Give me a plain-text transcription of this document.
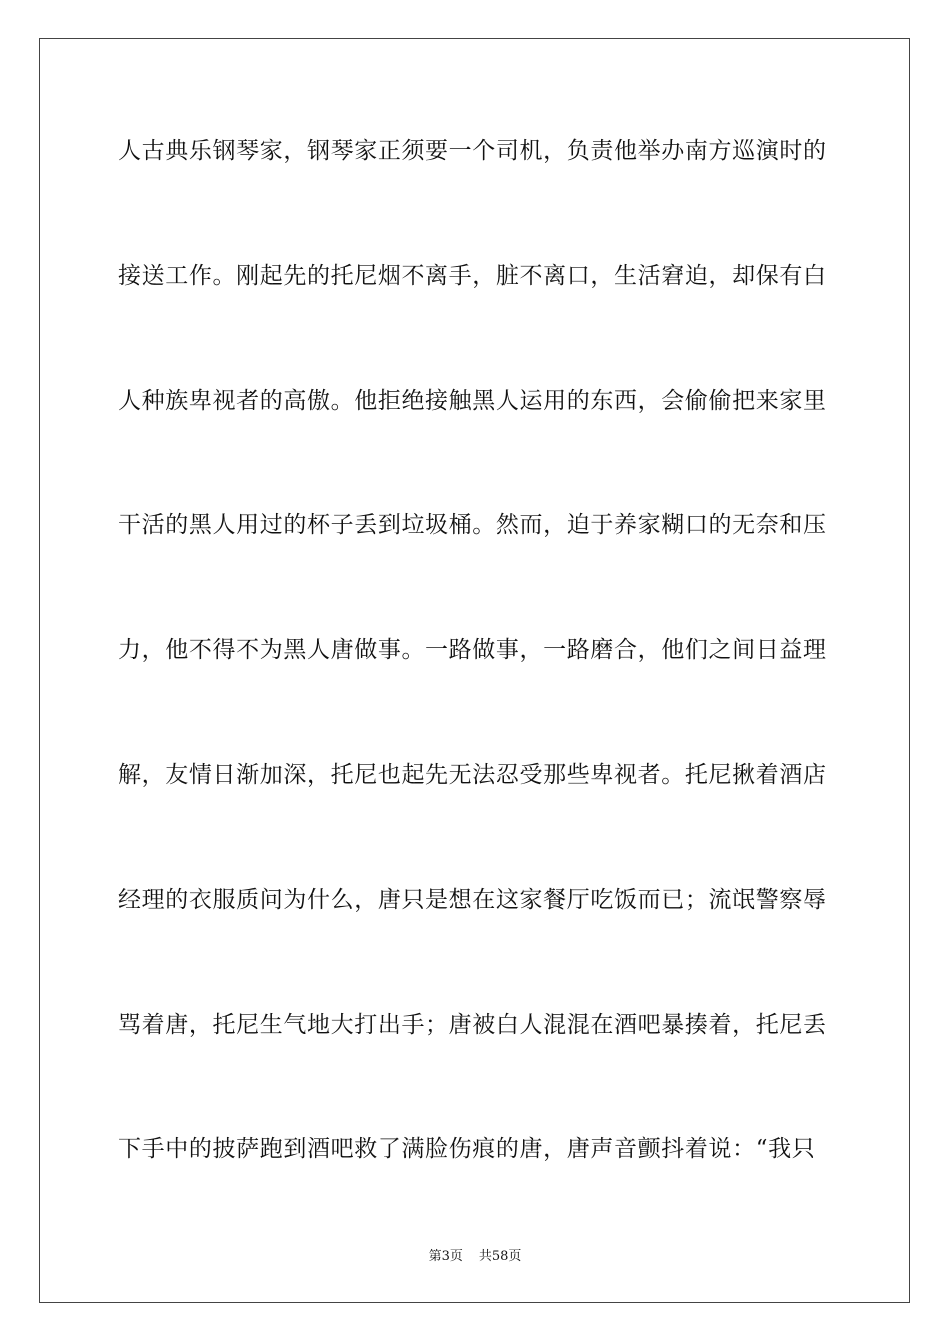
人古典乐钢琴家，钢琴家正须要一个司机，负责他举办南方巡演时的
接送工作。刚起先的托尼烟不离手，脏不离口，生活窘迫，却保有白
人种族卑视者的高傲。他拒绝接触黑人运用的东西，会偷偷把来家里
干活的黑人用过的杯子丢到垃圾桶。然而，迫于养家糊口的无奈和压
力，他不得不为黑人唐做事。一路做事，一路磨合，他们之间日益理
解，友情日渐加深，托尼也起先无法忍受那些卑视者。托尼揪着酒店
经理的衣服质问为什么，唐只是想在这家餐厅吃饭而已；流氓警察辱
骂着唐，托尼生气地大打出手；唐被白人混混在酒吧暴揍着，托尼丢
下手中的披萨跑到酒吧救了满脸伤痕的唐，唐声音颤抖着说：“我只
第3页 共58页
